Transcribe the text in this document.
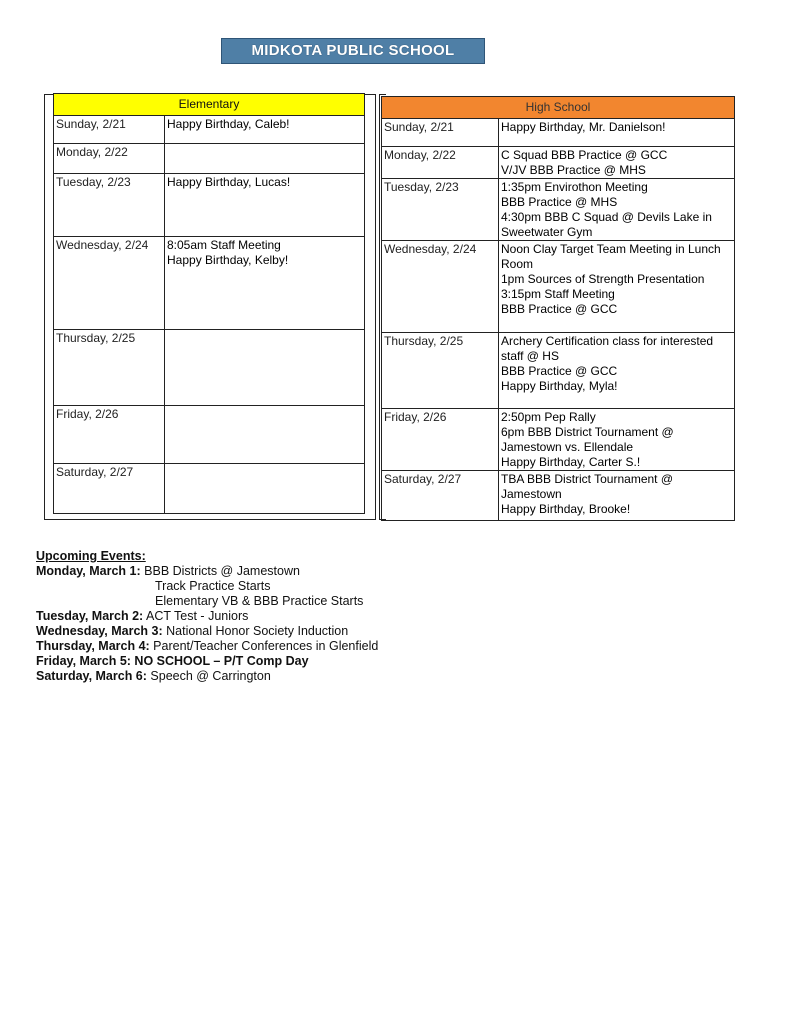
MIDKOTA PUBLIC SCHOOL
Elementary	
Sunday, 2/21	Happy Birthday, Caleb!

Monday, 2/22	
Tuesday, 2/23	Happy Birthday, Lucas!

Wednesday, 2/24	8:05am Staff Meeting
Happy Birthday, Kelby!

Thursday, 2/25	
Friday, 2/26	
Saturday, 2/27	
High School	
Sunday, 2/21	Happy Birthday, Mr. Danielson!

Monday, 2/22	C Squad BBB Practice @ GCC
V/JV BBB Practice @ MHS

Tuesday, 2/23	1:35pm Envirothon Meeting
BBB Practice @ MHS
4:30pm BBB C Squad @ Devils Lake in Sweetwater Gym

Wednesday, 2/24	Noon Clay Target Team Meeting in Lunch Room
1pm Sources of Strength Presentation
3:15pm Staff Meeting
BBB Practice @ GCC

Thursday, 2/25	Archery Certification class for interested staff @ HS
BBB Practice @ GCC
Happy Birthday, Myla!

Friday, 2/26	2:50pm Pep Rally
6pm BBB District Tournament @ Jamestown vs. Ellendale
Happy Birthday, Carter S.!

Saturday, 2/27	TBA BBB District Tournament @ Jamestown
Happy Birthday, Brooke!
Upcoming Events:
Monday, March 1: BBB Districts @ Jamestown
Track Practice Starts
Elementary VB & BBB Practice Starts
Tuesday, March 2: ACT Test - Juniors
Wednesday, March 3: National Honor Society Induction
Thursday, March 4: Parent/Teacher Conferences in Glenfield
Friday, March 5: NO SCHOOL – P/T Comp Day
Saturday, March 6: Speech @ Carrington
